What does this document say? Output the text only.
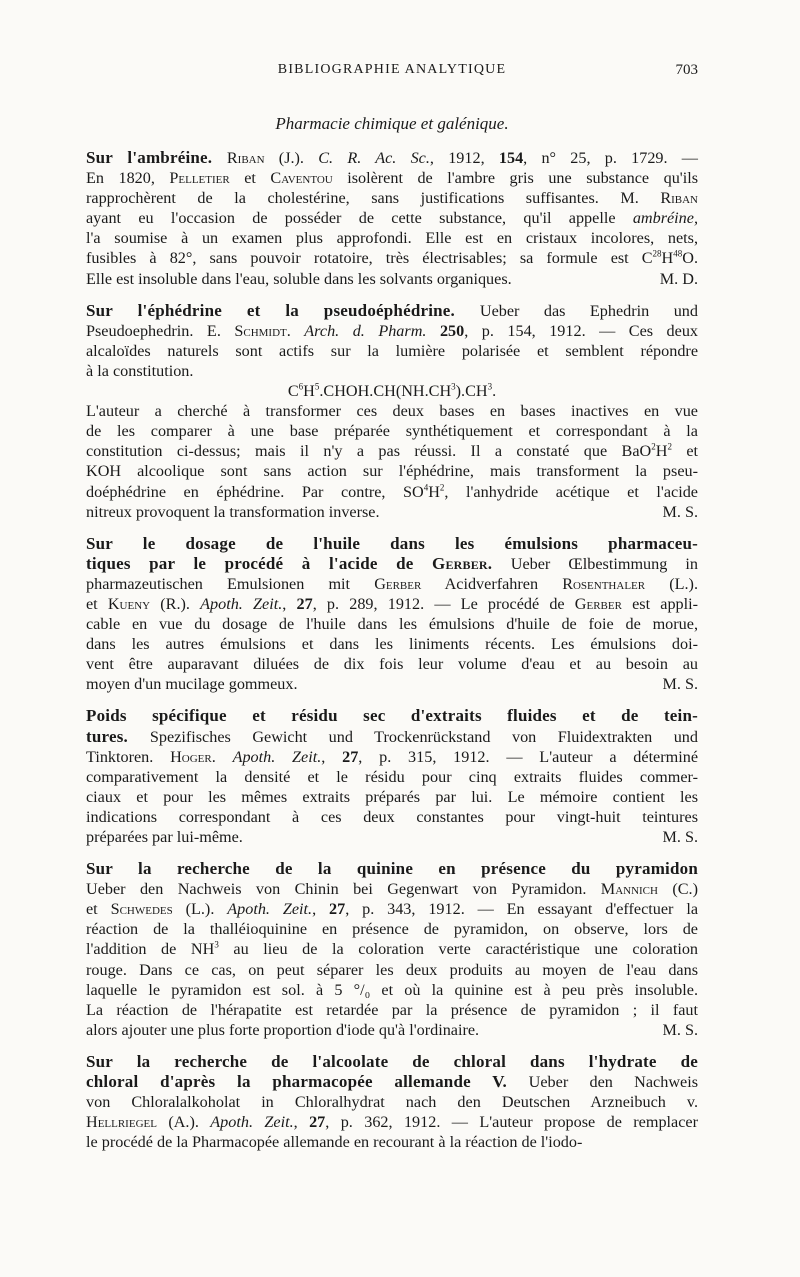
BIBLIOGRAPHIE ANALYTIQUE	703
Pharmacie chimique et galénique.
Sur l'ambréine. Riban (J.). C. R. Ac. Sc., 1912, 154, n° 25, p. 1729. —
En 1820, Pelletier et Caventou isolèrent de l'ambre gris une substance qu'ils
rapprochèrent de la cholestérine, sans justifications suffisantes. M. Riban
ayant eu l'occasion de posséder de cette substance, qu'il appelle ambréine,
l'a soumise à un examen plus approfondi. Elle est en cristaux incolores, nets,
fusibles à 82°, sans pouvoir rotatoire, très électrisables; sa formule est $C^{28}H^{48}O$.
Elle est insoluble dans l'eau, soluble dans les solvants organiques.	M. D.
Sur l'éphédrine et la pseudoéphédrine. Ueber das Ephedrin und
Pseudoephedrin. E. Schmidt. Arch. d. Pharm. 250, p. 154, 1912. — Ces deux
alcaloïdes naturels sont actifs sur la lumière polarisée et semblent répondre
à la constitution.
$C^6H^5.CHOH.CH(NH.CH^3).CH^3$.
L'auteur a cherché à transformer ces deux bases en bases inactives en vue
de les comparer à une base préparée synthétiquement et correspondant à la
constitution ci-dessus; mais il n'y a pas réussi. Il a constaté que $BaO^2H^2$ et
KOH alcoolique sont sans action sur l'éphédrine, mais transforment la pseu-
doéphédrine en éphédrine. Par contre, $SO^4H^2$, l'anhydride acétique et l'acide
nitreux provoquent la transformation inverse.	M. S.
Sur le dosage de l'huile dans les émulsions pharmaceu-
tiques par le procédé à l'acide de Gerber. Ueber Œlbestimmung in
pharmazeutischen Emulsionen mit Gerber Acidverfahren Rosenthaler (L.).
et Kueny (R.). Apoth. Zeit., 27, p. 289, 1912. — Le procédé de Gerber est appli-
cable en vue du dosage de l'huile dans les émulsions d'huile de foie de morue,
dans les autres émulsions et dans les liniments récents. Les émulsions doi-
vent être auparavant diluées de dix fois leur volume d'eau et au besoin au
moyen d'un mucilage gommeux.	M. S.
Poids spécifique et résidu sec d'extraits fluides et de tein-
tures. Spezifisches Gewicht und Trockenrückstand von Fluidextrakten und
Tinktoren. Hoger. Apoth. Zeit., 27, p. 315, 1912. — L'auteur a déterminé
comparativement la densité et le résidu pour cinq extraits fluides commer-
ciaux et pour les mêmes extraits préparés par lui. Le mémoire contient les
indications correspondant à ces deux constantes pour vingt-huit teintures
préparées par lui-même.	M. S.
Sur la recherche de la quinine en présence du pyramidon
Ueber den Nachweis von Chinin bei Gegenwart von Pyramidon. Mannich (C.)
et Schwedes (L.). Apoth. Zeit., 27, p. 343, 1912. — En essayant d'effectuer la
réaction de la thalléioquinine en présence de pyramidon, on observe, lors de
l'addition de $NH^3$ au lieu de la coloration verte caractéristique une coloration
rouge. Dans ce cas, on peut séparer les deux produits au moyen de l'eau dans
laquelle le pyramidon est sol. à 5 °/₀ et où la quinine est à peu près insoluble.
La réaction de l'hérapatite est retardée par la présence de pyramidon ; il faut
alors ajouter une plus forte proportion d'iode qu'à l'ordinaire.	M. S.
Sur la recherche de l'alcoolate de chloral dans l'hydrate de
chloral d'après la pharmacopée allemande V. Ueber den Nachweis
von Chloralalkoholat in Chloralhydrat nach den Deutschen Arzneibuch v.
Hellriegel (A.). Apoth. Zeit., 27, p. 362, 1912. — L'auteur propose de remplacer
le procédé de la Pharmacopée allemande en recourant à la réaction de l'iodo-
